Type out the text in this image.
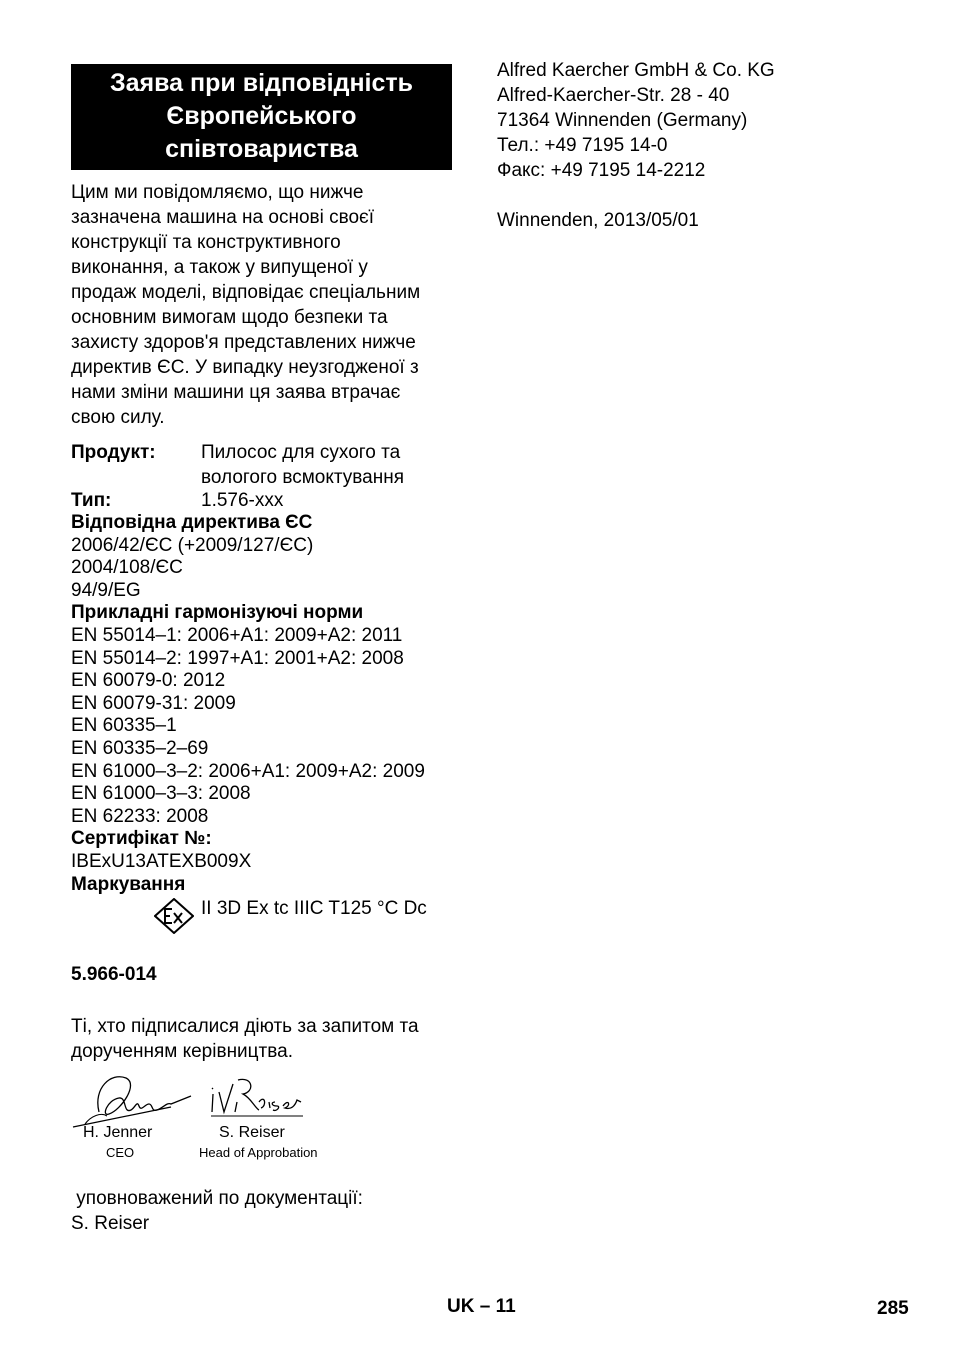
Заява при відповідність
Європейського
співтовариства
Цим ми повідомляємо, що нижче
зазначена машина на основі своєї
конструкції та конструктивного
виконання, а також у випущеної у
продаж моделі, відповідає спеціальним
основним вимогам щодо безпеки та
захисту здоров'я представлених нижче
директив ЄС. У випадку неузгодженої з
нами зміни машини ця заява втрачає
свою силу.
Продукт:	Пилосос для сухого та
вологого всмоктування
Тип:	1.576-xxx
Відповідна директива ЄС
2006/42/ЄС (+2009/127/ЄС)
2004/108/ЄС
94/9/EG
Прикладні гармонізуючі норми
EN 55014–1: 2006+A1: 2009+A2: 2011
EN 55014–2: 1997+A1: 2001+A2: 2008
EN 60079-0: 2012
EN 60079-31: 2009
EN 60335–1
EN 60335–2–69
EN 61000–3–2: 2006+A1: 2009+A2: 2009
EN 61000–3–3: 2008
EN 62233: 2008
Сертифікат №:
IBExU13ATEXB009X
Маркування
II 3D Ex tc IIIC T125 °C Dc
5.966-014
Ті, хто підписалися діють за запитом та
дорученням керівництва.
H. Jenner	S. Reiser
CEO	Head of Approbation
уповноважений по документації:
S. Reiser
Alfred Kaercher GmbH & Co. KG
Alfred-Kaercher-Str. 28 - 40
71364 Winnenden (Germany)
Тел.: +49 7195 14-0
Факс: +49 7195 14-2212
Winnenden, 2013/05/01
UK – 11	285
